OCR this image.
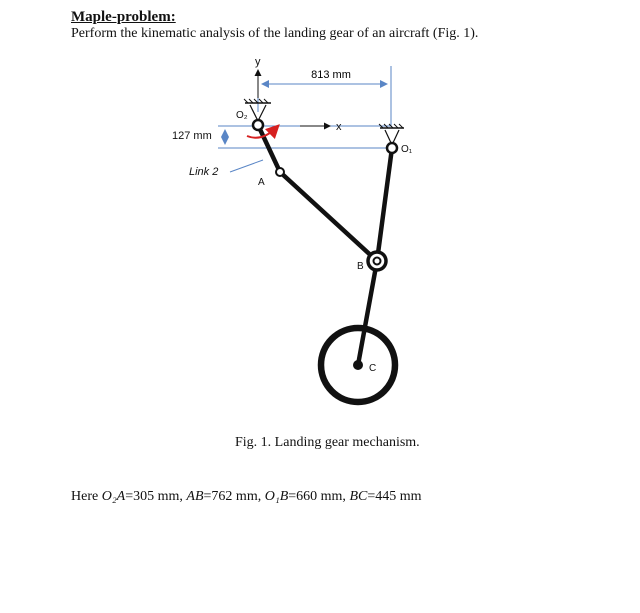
Maple-problem:
Perform the kinematic analysis of the landing gear of an aircraft (Fig. 1).
813 mm
127 mm
Link 2
y
x
O₂
O₁
A
B
C
Fig. 1. Landing gear mechanism.
Here O₂A=305 mm, AB=762 mm, O₁B=660 mm, BC=445 mm
